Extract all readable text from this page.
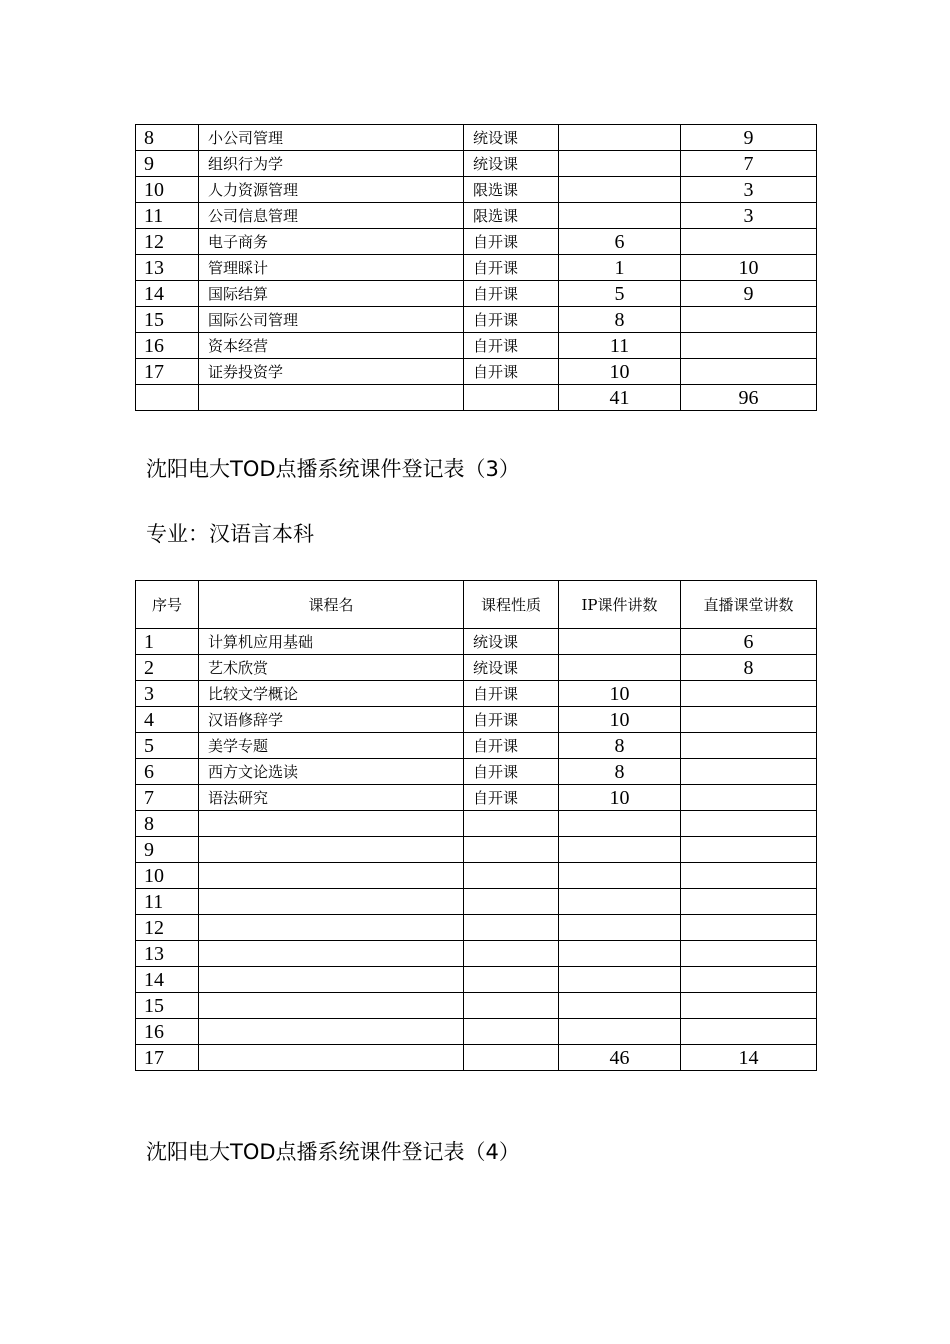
8	小公司管理	统设课		9
9	组织行为学	统设课		7
10	人力资源管理	限选课		3
11	公司信息管理	限选课		3
12	电子商务	自开课	6	
13	管理睬计	自开课	1	10
14	国际结算	自开课	5	9
15	国际公司管理	自开课	8	
16	资本经营	自开课	11	
17	证券投资学	自开课	10	
			41	96
沈阳电大TOD点播系统课件登记表（3）
专业：汉语言本科
序号	课程名	课程性质	IP课件讲数	直播课堂讲数
1	计算机应用基础	统设课		6
2	艺术欣赏	统设课		8
3	比较文学概论	自开课	10	
4	汉语修辞学	自开课	10	
5	美学专题	自开课	8	
6	西方文论选读	自开课	8	
7	语法研究	自开课	10	
8				
9				
10				
11				
12				
13				
14				
15				
16				
17			46	14
沈阳电大TOD点播系统课件登记表（4）
